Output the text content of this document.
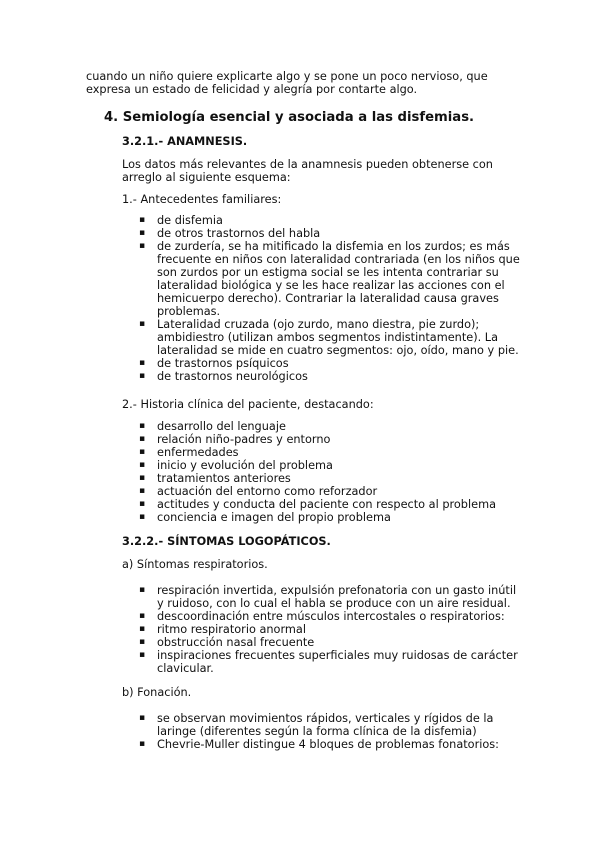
cuando un niño quiere explicarte algo y se pone un poco nervioso, que
expresa un estado de felicidad y alegría por contarte algo.
4. Semiología esencial y asociada a las disfemias.
3.2.1.- ANAMNESIS.
Los datos más relevantes de la anamnesis pueden obtenerse con
arreglo al siguiente esquema:
1.- Antecedentes familiares:
▪ de disfemia
▪ de otros trastornos del habla
▪ de zurdería, se ha mitificado la disfemia en los zurdos; es más
frecuente en niños con lateralidad contrariada (en los niños que
son zurdos por un estigma social se les intenta contrariar su
lateralidad biológica y se les hace realizar las acciones con el
hemicuerpo derecho). Contrariar la lateralidad causa graves
problemas.
▪ Lateralidad cruzada (ojo zurdo, mano diestra, pie zurdo);
ambidiestro (utilizan ambos segmentos indistintamente). La
lateralidad se mide en cuatro segmentos: ojo, oído, mano y pie.
▪ de trastornos psíquicos
▪ de trastornos neurológicos
2.- Historia clínica del paciente, destacando:
▪ desarrollo del lenguaje
▪ relación niño-padres y entorno
▪ enfermedades
▪ inicio y evolución del problema
▪ tratamientos anteriores
▪ actuación del entorno como reforzador
▪ actitudes y conducta del paciente con respecto al problema
▪ conciencia e imagen del propio problema
3.2.2.- SÍNTOMAS LOGOPÁTICOS.
a) Síntomas respiratorios.
▪ respiración invertida, expulsión prefonatoria con un gasto inútil
y ruidoso, con lo cual el habla se produce con un aire residual.
▪ descoordinación entre músculos intercostales o respiratorios:
▪ ritmo respiratorio anormal
▪ obstrucción nasal frecuente
▪ inspiraciones frecuentes superficiales muy ruidosas de carácter
clavicular.
b) Fonación.
▪ se observan movimientos rápidos, verticales y rígidos de la
laringe (diferentes según la forma clínica de la disfemia)
▪ Chevrie-Muller distingue 4 bloques de problemas fonatorios:
